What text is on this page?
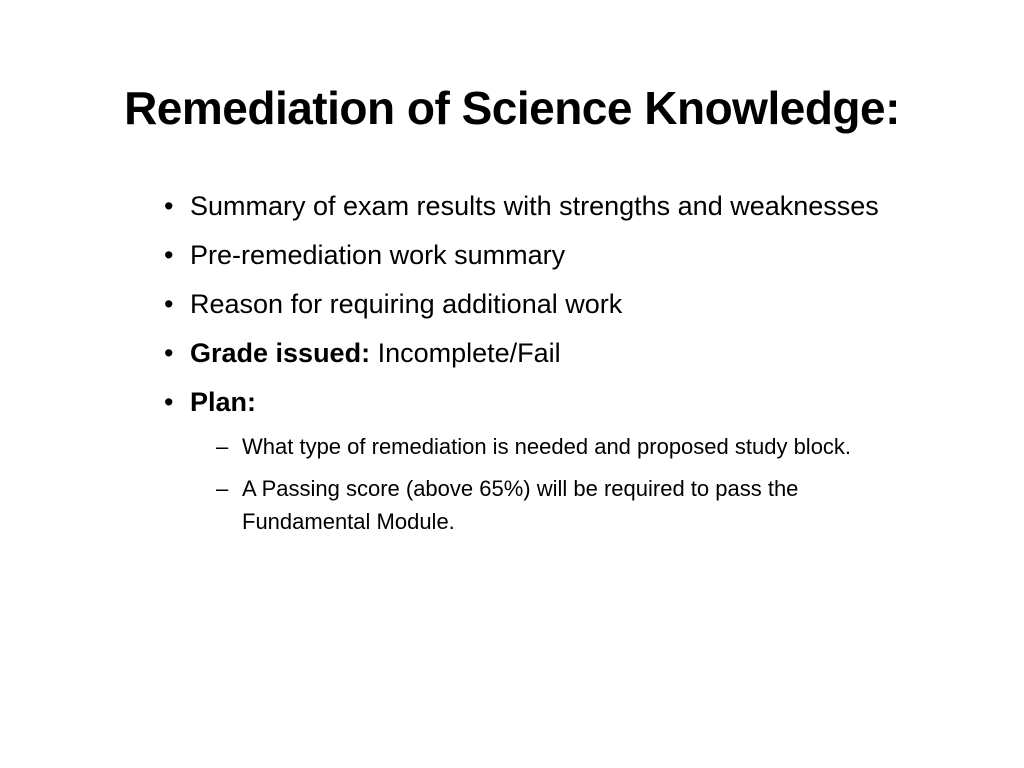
Remediation of Science Knowledge:
• Summary of exam results with strengths and weaknesses
• Pre-remediation work summary
• Reason for requiring additional work
• Grade issued: Incomplete/Fail
• Plan:
– What type of remediation is needed and proposed study block.
– A Passing score (above 65%) will be required to pass the Fundamental Module.
